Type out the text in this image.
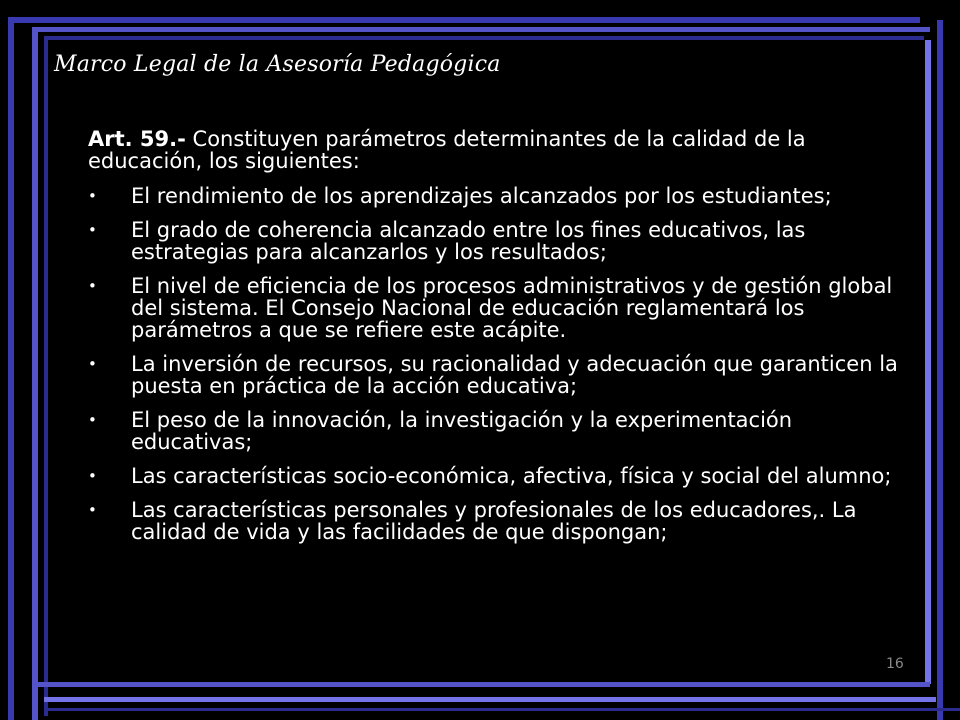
Marco Legal de la Asesoría Pedagógica

Art. 59.- Constituyen parámetros determinantes de la calidad de la educación, los siguientes:

• El rendimiento de los aprendizajes alcanzados por los estudiantes;
• El grado de coherencia alcanzado entre los fines educativos, las estrategias para alcanzarlos y los resultados;
• El nivel de eficiencia de los procesos administrativos y de gestión global del sistema. El Consejo Nacional de educación reglamentará los parámetros a que se refiere este acápite.
• La inversión de recursos, su racionalidad y adecuación que garanticen la puesta en práctica de la acción educativa;
• El peso de la innovación, la investigación y la experimentación educativas;
• Las características socio-económica, afectiva, física y social del alumno;
• Las características personales y profesionales de los educadores,. La calidad de vida y las facilidades de que dispongan;
16
